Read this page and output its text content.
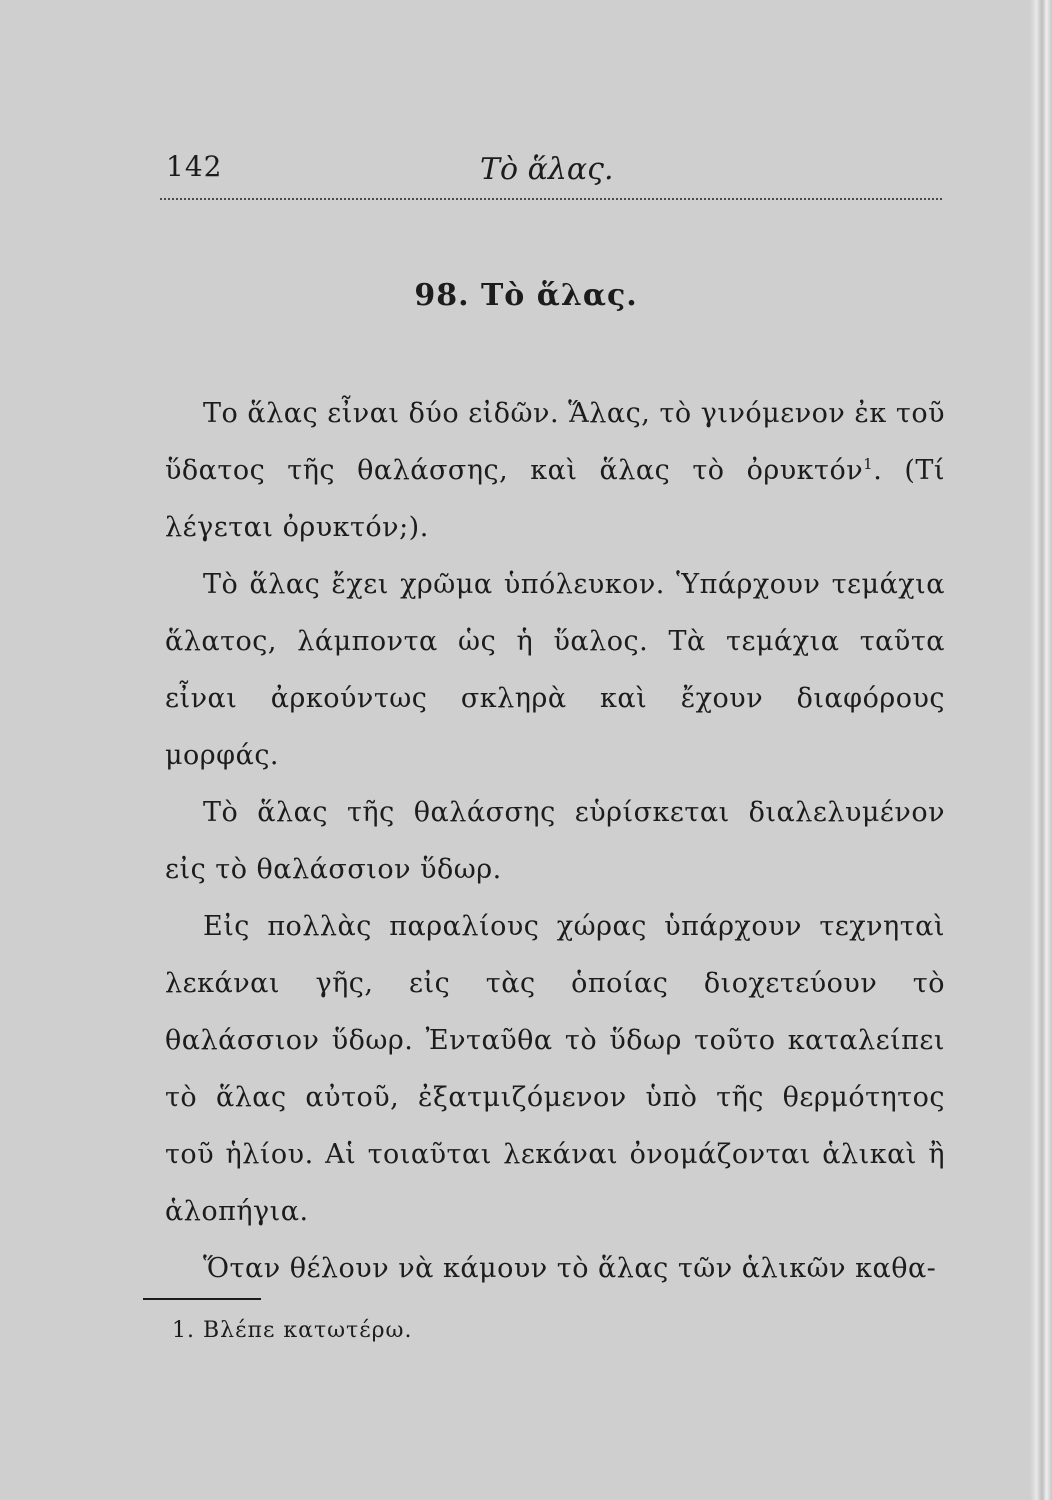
142	Τὸ ἅλας.
98. Τὸ ἅλας.

Το ἅλας εἶναι δύο εἰδῶν. Ἅλας, τὸ γινόμενον ἐκ τοῦ ὕδατος τῆς θαλάσσης, καὶ ἅλας τὸ ὀρυκτόν$^1$. (Τί λέγεται ὀρυκτόν;).

Τὸ ἅλας ἔχει χρῶμα ὑπόλευκον. Ὑπάρχουν τεμάχια ἅλατος, λάμποντα ὡς ἡ ὕαλος. Τὰ τεμάχια ταῦτα εἶναι ἀρκούντως σκληρὰ καὶ ἔχουν διαφόρους μορφάς.

Τὸ ἅλας τῆς θαλάσσης εὑρίσκεται διαλελυμένον εἰς τὸ θαλάσσιον ὕδωρ.

Εἰς πολλὰς παραλίους χώρας ὑπάρχουν τεχνηταὶ λεκάναι γῆς, εἰς τὰς ὁποίας διοχετεύουν τὸ θαλάσσιον ὕδωρ. Ἐνταῦθα τὸ ὕδωρ τοῦτο καταλείπει τὸ ἅλας αὐτοῦ, ἐξατμιζόμενον ὑπὸ τῆς θερμότητος τοῦ ἡλίου. Αἱ τοιαῦται λεκάναι ὀνομάζονται ἁλικαὶ ἢ ἁλοπήγια.

Ὅταν θέλουν νὰ κάμουν τὸ ἅλας τῶν ἁλικῶν καθα-

1. Βλέπε κατωτέρω.
